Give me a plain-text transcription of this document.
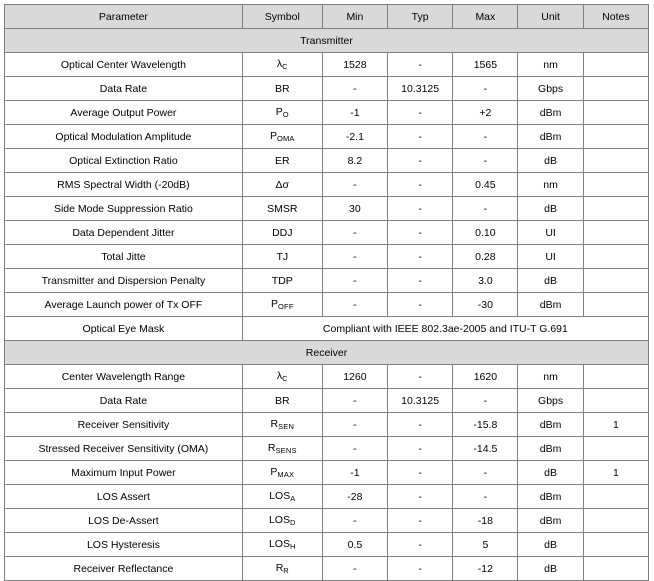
Parameter	Symbol	Min	Typ	Max	Unit	Notes
Transmitter						
Optical Center Wavelength	λC	1528	-	1565	nm	
Data Rate	BR	-	10.3125	-	Gbps	
Average Output Power	PO	-1	-	+2	dBm	
Optical Modulation Amplitude	POMA	-2.1	-	-	dBm	
Optical Extinction Ratio	ER	8.2	-	-	dB	
RMS Spectral Width (-20dB)	Δσ	-	-	0.45	nm	
Side Mode Suppression Ratio	SMSR	30	-	-	dB	
Data Dependent Jitter	DDJ	-	-	0.10	UI	
Total Jitte	TJ	-	-	0.28	UI	
Transmitter and Dispersion Penalty	TDP	-	-	3.0	dB	
Average Launch power of Tx OFF	POFF	-	-	-30	dBm	
Optical Eye Mask	Compliant with IEEE 802.3ae-2005 and ITU-T G.691					
Receiver						
Center Wavelength Range	λC	1260	-	1620	nm	
Data Rate	BR	-	10.3125	-	Gbps	
Receiver Sensitivity	RSEN	-	-	-15.8	dBm	1
Stressed Receiver Sensitivity (OMA)	RSENS	-	-	-14.5	dBm	
Maximum Input Power	PMAX	-1	-	-	dB	1
LOS Assert	LOSA	-28	-	-	dBm	
LOS De-Assert	LOSD	-	-	-18	dBm	
LOS Hysteresis	LOSH	0.5	-	5	dB	
Receiver Reflectance	RR	-	-	-12	dB	
